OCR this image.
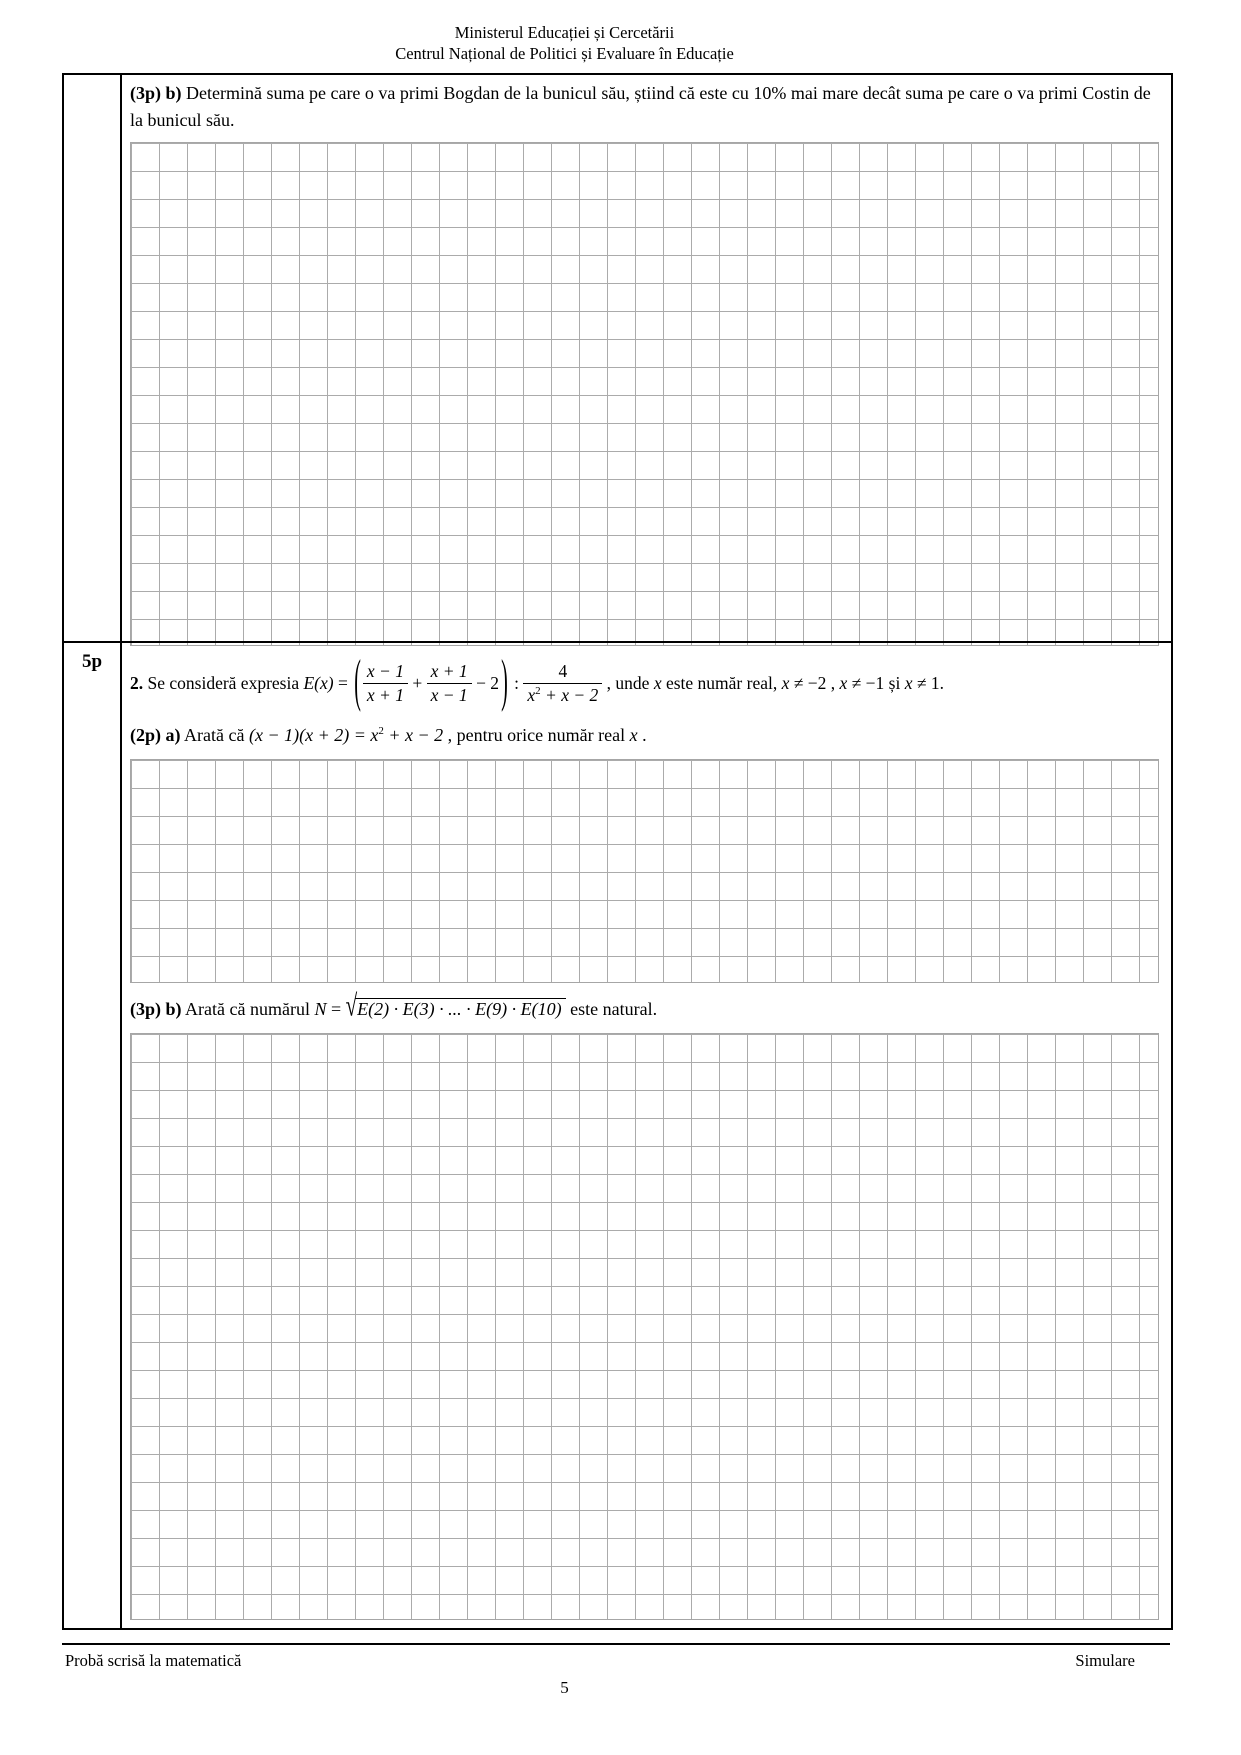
Ministerul Educației și Cercetării
Centrul Național de Politici și Evaluare în Educație

(3p) b) Determină suma pe care o va primi Bogdan de la bunicul său, știind că este cu 10% mai mare decât suma pe care o va primi Costin de la bunicul său.

5p
2. Se consideră expresia E(x) = ( $\frac{x - 1}{x + 1} + \frac{x + 1}{x - 1} - 2$ ) : $\frac{4}{x^2 + x - 2}$ , unde x este număr real, x ≠ −2 , x ≠ −1 și x ≠ 1.

(2p) a) Arată că $(x - 1)(x + 2) = x^2 + x - 2$ , pentru orice număr real x .

(3p) b) Arată că numărul N = √E(2) · E(3) · ... · E(9) · E(10) este natural.

Probă scrisă la matematică	Simulare
5
